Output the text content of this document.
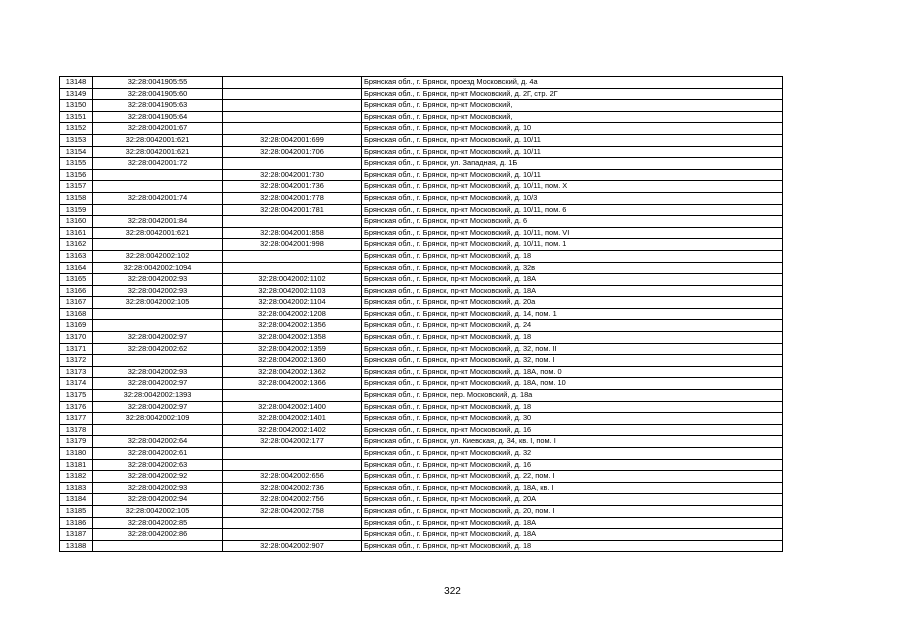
13148	32:28:0041905:55		Брянская обл., г. Брянск, проезд Московский, д. 4а
13149	32:28:0041905:60		Брянская обл., г. Брянск, пр-кт Московский, д. 2Г, стр. 2Г
13150	32:28:0041905:63		Брянская обл., г. Брянск, пр-кт Московский,
13151	32:28:0041905:64		Брянская обл., г. Брянск, пр-кт Московский,
13152	32:28:0042001:67		Брянская обл., г. Брянск, пр-кт Московский, д. 10
13153	32:28:0042001:621	32:28:0042001:699	Брянская обл., г. Брянск, пр-кт Московский, д. 10/11
13154	32:28:0042001:621	32:28:0042001:706	Брянская обл., г. Брянск, пр-кт Московский, д. 10/11
13155	32:28:0042001:72		Брянская обл., г. Брянск, ул. Западная, д. 1Б
13156		32:28:0042001:730	Брянская обл., г. Брянск, пр-кт Московский, д. 10/11
13157		32:28:0042001:736	Брянская обл., г. Брянск, пр-кт Московский, д. 10/11, пом. X
13158	32:28:0042001:74	32:28:0042001:778	Брянская обл., г. Брянск, пр-кт Московский, д. 10/3
13159		32:28:0042001:781	Брянская обл., г. Брянск, пр-кт Московский, д. 10/11, пом. 6
13160	32:28:0042001:84		Брянская обл., г. Брянск, пр-кт Московский, д. 6
13161	32:28:0042001:621	32:28:0042001:858	Брянская обл., г. Брянск, пр-кт Московский, д. 10/11, пом. VI
13162		32:28:0042001:998	Брянская обл., г. Брянск, пр-кт Московский, д. 10/11, пом. 1
13163	32:28:0042002:102		Брянская обл., г. Брянск, пр-кт Московский, д. 18
13164	32:28:0042002:1094		Брянская обл., г. Брянск, пр-кт Московский, д. 32в
13165	32:28:0042002:93	32:28:0042002:1102	Брянская обл., г. Брянск, пр-кт Московский, д. 18А
13166	32:28:0042002:93	32:28:0042002:1103	Брянская обл., г. Брянск, пр-кт Московский, д. 18А
13167	32:28:0042002:105	32:28:0042002:1104	Брянская обл., г. Брянск, пр-кт Московский, д. 20а
13168		32:28:0042002:1208	Брянская обл., г. Брянск, пр-кт Московский, д. 14, пом. 1
13169		32:28:0042002:1356	Брянская обл., г. Брянск, пр-кт Московский, д. 24
13170	32:28:0042002:97	32:28:0042002:1358	Брянская обл., г. Брянск, пр-кт Московский, д. 18
13171	32:28:0042002:62	32:28:0042002:1359	Брянская обл., г. Брянск, пр-кт Московский, д. 32, пом. II
13172		32:28:0042002:1360	Брянская обл., г. Брянск, пр-кт Московский, д. 32, пом. I
13173	32:28:0042002:93	32:28:0042002:1362	Брянская обл., г. Брянск, пр-кт Московский, д. 18А, пом. 0
13174	32:28:0042002:97	32:28:0042002:1366	Брянская обл., г. Брянск, пр-кт Московский, д. 18А, пом. 10
13175	32:28:0042002:1393		Брянская обл., г. Брянск, пер. Московский, д. 18а
13176	32:28:0042002:97	32:28:0042002:1400	Брянская обл., г. Брянск, пр-кт Московский, д. 18
13177	32:28:0042002:109	32:28:0042002:1401	Брянская обл., г. Брянск, пр-кт Московский, д. 30
13178		32:28:0042002:1402	Брянская обл., г. Брянск, пр-кт Московский, д. 16
13179	32:28:0042002:64	32:28:0042002:177	Брянская обл., г. Брянск, ул. Киевская, д. 34, кв. I, пом. I
13180	32:28:0042002:61		Брянская обл., г. Брянск, пр-кт Московский, д. 32
13181	32:28:0042002:63		Брянская обл., г. Брянск, пр-кт Московский, д. 16
13182	32:28:0042002:92	32:28:0042002:656	Брянская обл., г. Брянск, пр-кт Московский, д. 22, пом. I
13183	32:28:0042002:93	32:28:0042002:736	Брянская обл., г. Брянск, пр-кт Московский, д. 18А, кв. I
13184	32:28:0042002:94	32:28:0042002:756	Брянская обл., г. Брянск, пр-кт Московский, д. 20А
13185	32:28:0042002:105	32:28:0042002:758	Брянская обл., г. Брянск, пр-кт Московский, д. 20, пом. I
13186	32:28:0042002:85		Брянская обл., г. Брянск, пр-кт Московский, д. 18А
13187	32:28:0042002:86		Брянская обл., г. Брянск, пр-кт Московский, д. 18А
13188		32:28:0042002:907	Брянская обл., г. Брянск, пр-кт Московский, д. 18
322
